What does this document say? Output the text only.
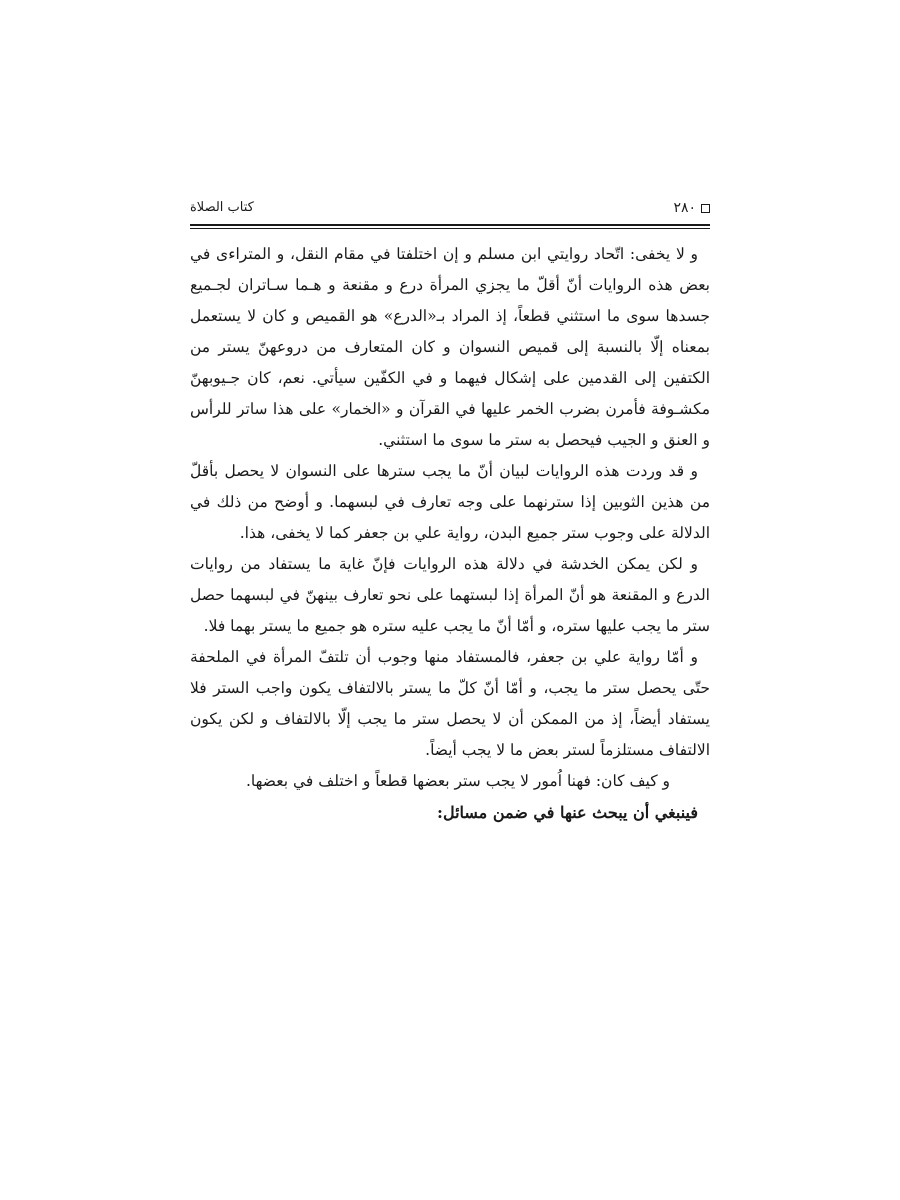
٢٨٠
كتاب الصلاة

و لا يخفى: اتّحاد روايتي ابن مسلم و إن اختلفتا في مقام النقل، و المتراءى في بعض هذه الروايات أنّ أقلّ ما يجزي المرأة درع و مقنعة و هـما سـاتران لجـميع جسدها سوى ما استثني قطعاً، إذ المراد بـ«الدرع» هو القميص و كان لا يستعمل بمعناه إلّا بالنسبة إلى قميص النسوان و كان المتعارف من دروعهنّ يستر من الكتفين إلى القدمين على إشكال فيهما و في الكفّين سيأتي. نعم، كان جـيوبهنّ مكشـوفة فأمرن بضرب الخمر عليها في القرآن و «الخمار» على هذا ساتر للرأس و العنق و الجيب فيحصل به ستر ما سوى ما استثني.

و قد وردت هذه الروايات لبيان أنّ ما يجب سترها على النسوان لا يحصل بأقلّ من هذين الثوبين إذا سترنهما على وجه تعارف في لبسهما. و أوضح من ذلك في الدلالة على وجوب ستر جميع البدن، رواية علي بن جعفر كما لا يخفى، هذا.

و لكن يمكن الخدشة في دلالة هذه الروايات فإنّ غاية ما يستفاد من روايات الدرع و المقنعة هو أنّ المرأة إذا لبستهما على نحو تعارف بينهنّ في لبسهما حصل ستر ما يجب عليها ستره، و أمّا أنّ ما يجب عليه ستره هو جميع ما يستر بهما فلا.

و أمّا رواية علي بن جعفر، فالمستفاد منها وجوب أن تلتفّ المرأة في الملحفة حتّى يحصل ستر ما يجب، و أمّا أنّ كلّ ما يستر بالالتفاف يكون واجب الستر فلا يستفاد أيضاً، إذ من الممكن أن لا يحصل ستر ما يجب إلّا بالالتفاف و لكن يكون الالتفاف مستلزماً لستر بعض ما لا يجب أيضاً.

و كيف كان: فهنا اُمور لا يجب ستر بعضها قطعاً و اختلف في بعضها.

فينبغي أن يبحث عنها في ضمن مسائل:
